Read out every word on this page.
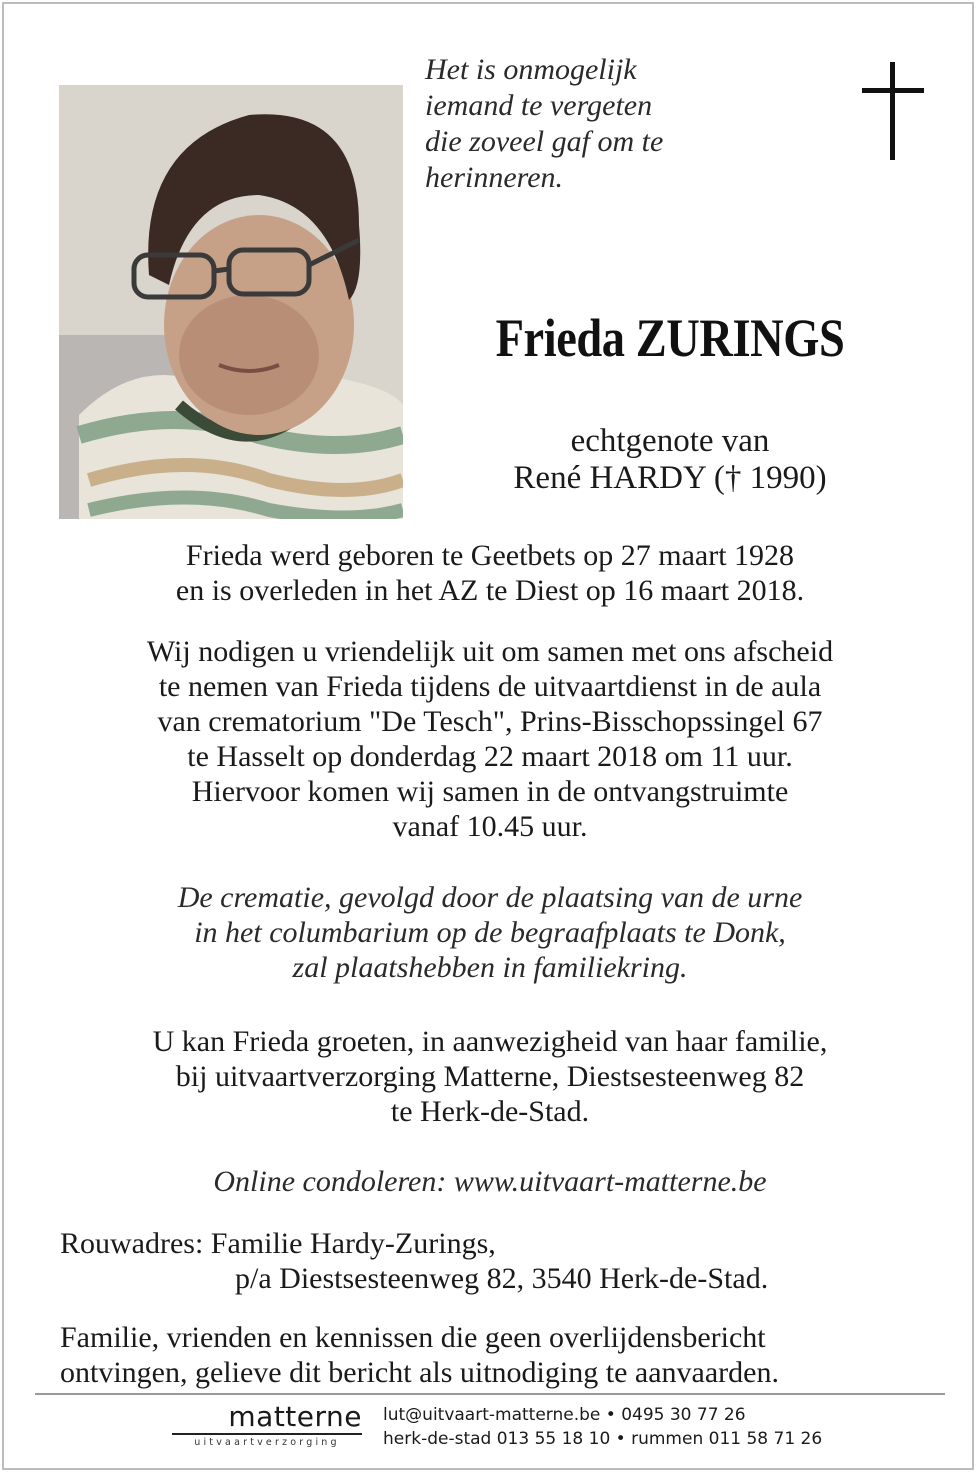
Het is onmogelijk
iemand te vergeten
die zoveel gaf om te
herinneren.
Frieda ZURINGS
echtgenote van
René HARDY († 1990)
Frieda werd geboren te Geetbets op 27 maart 1928
en is overleden in het AZ te Diest op 16 maart 2018.
Wij nodigen u vriendelijk uit om samen met ons afscheid
te nemen van Frieda tijdens de uitvaartdienst in de aula
van crematorium "De Tesch", Prins-Bisschopssingel 67
te Hasselt op donderdag 22 maart 2018 om 11 uur.
Hiervoor komen wij samen in de ontvangstruimte
vanaf 10.45 uur.
De crematie, gevolgd door de plaatsing van de urne
in het columbarium op de begraafplaats te Donk,
zal plaatshebben in familiekring.
U kan Frieda groeten, in aanwezigheid van haar familie,
bij uitvaartverzorging Matterne, Diestsesteenweg 82
te Herk-de-Stad.
Online condoleren: www.uitvaart-matterne.be
Rouwadres: Familie Hardy-Zurings,
p/a Diestsesteenweg 82, 3540 Herk-de-Stad.
Familie, vrienden en kennissen die geen overlijdensbericht
ontvingen, gelieve dit bericht als uitnodiging te aanvaarden.
matterne
uitvaartverzorging
lut@uitvaart-matterne.be • 0495 30 77 26
herk-de-stad 013 55 18 10 • rummen 011 58 71 26
